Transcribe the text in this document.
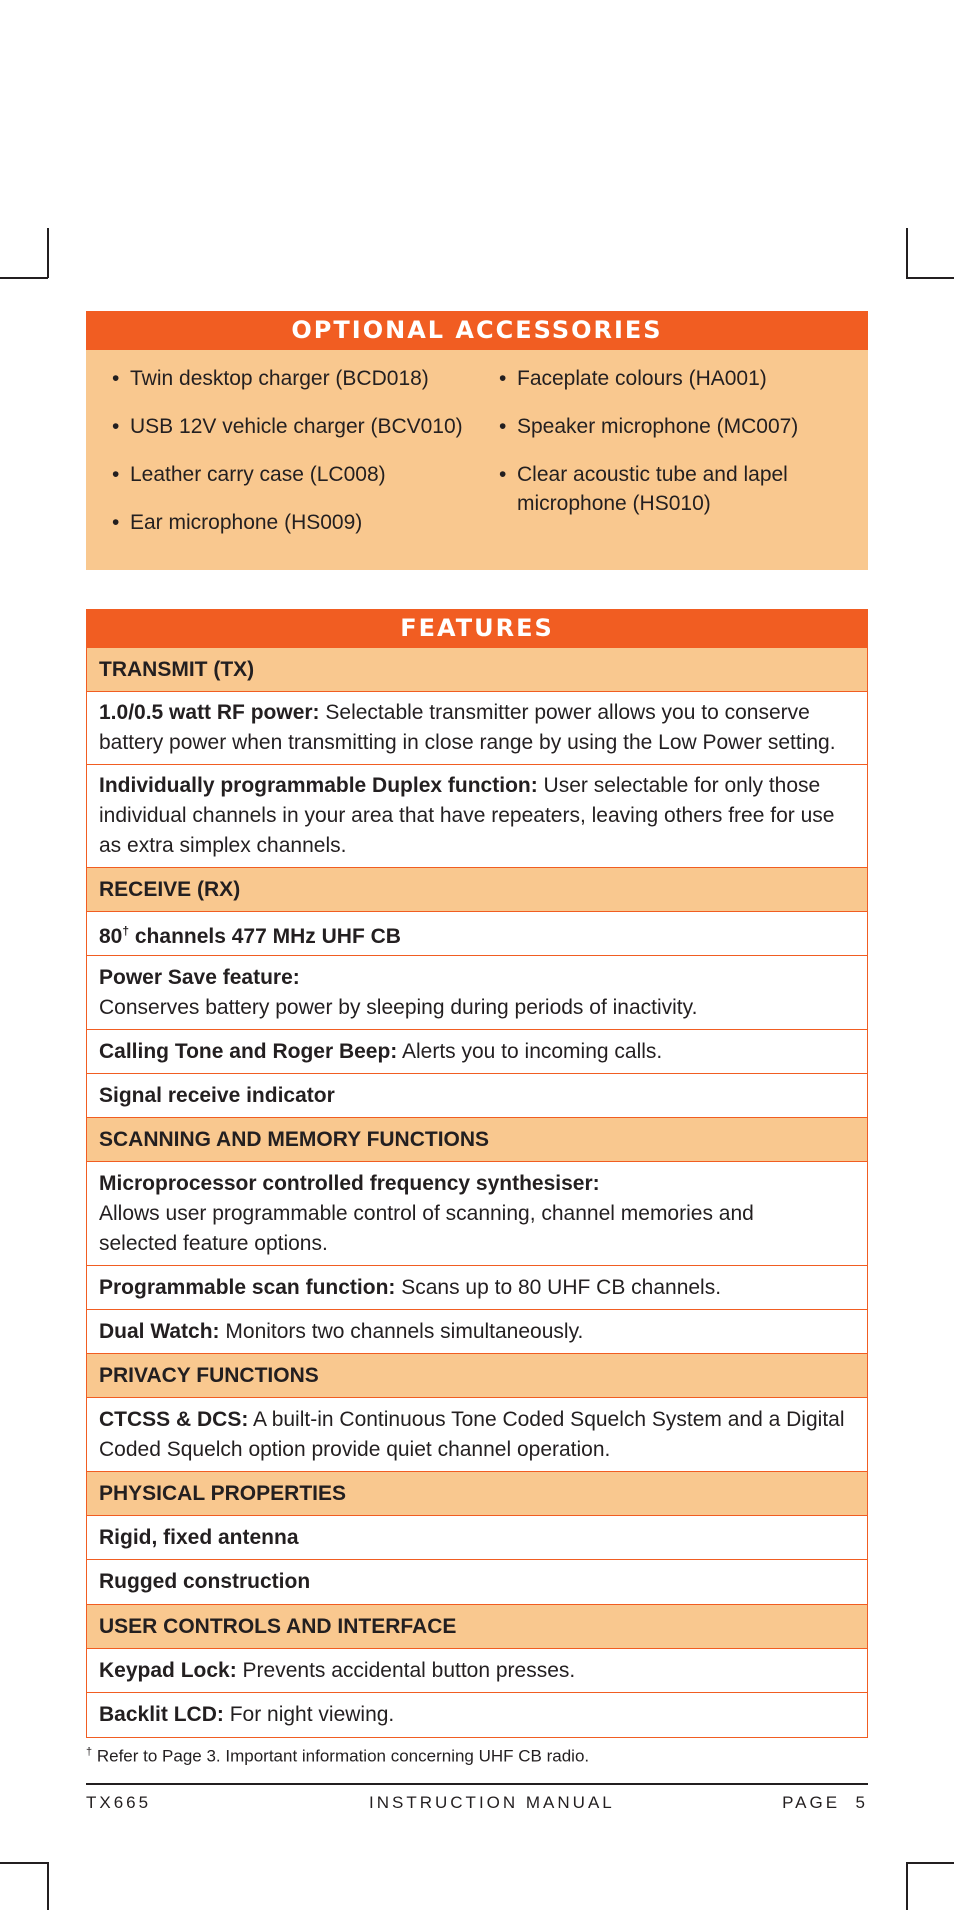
OPTIONAL ACCESSORIES
• Twin desktop charger (BCD018)
• USB 12V vehicle charger (BCV010)
• Leather carry case (LC008)
• Ear microphone (HS009)
• Faceplate colours (HA001)
• Speaker microphone (MC007)
• Clear acoustic tube and lapel microphone (HS010)
FEATURES

TRANSMIT (TX)

1.0/0.5 watt RF power: Selectable transmitter power allows you to conserve battery power when transmitting in close range by using the Low Power setting.

Individually programmable Duplex function: User selectable for only those individual channels in your area that have repeaters, leaving others free for use as extra simplex channels.

RECEIVE (RX)

80† channels 477 MHz UHF CB

Power Save feature:

Conserves battery power by sleeping during periods of inactivity.

Calling Tone and Roger Beep: Alerts you to incoming calls.

Signal receive indicator

SCANNING AND MEMORY FUNCTIONS

Microprocessor controlled frequency synthesiser:

Allows user programmable control of scanning, channel memories and selected feature options.

Programmable scan function: Scans up to 80 UHF CB channels.

Dual Watch: Monitors two channels simultaneously.

PRIVACY FUNCTIONS

CTCSS & DCS: A built-in Continuous Tone Coded Squelch System and a Digital Coded Squelch option provide quiet channel operation.

PHYSICAL PROPERTIES

Rigid, fixed antenna

Rugged construction

USER CONTROLS AND INTERFACE

Keypad Lock: Prevents accidental button presses.

Backlit LCD: For night viewing.

† Refer to Page 3. Important information concerning UHF CB radio.
TX665	INSTRUCTION MANUAL	PAGE  5
